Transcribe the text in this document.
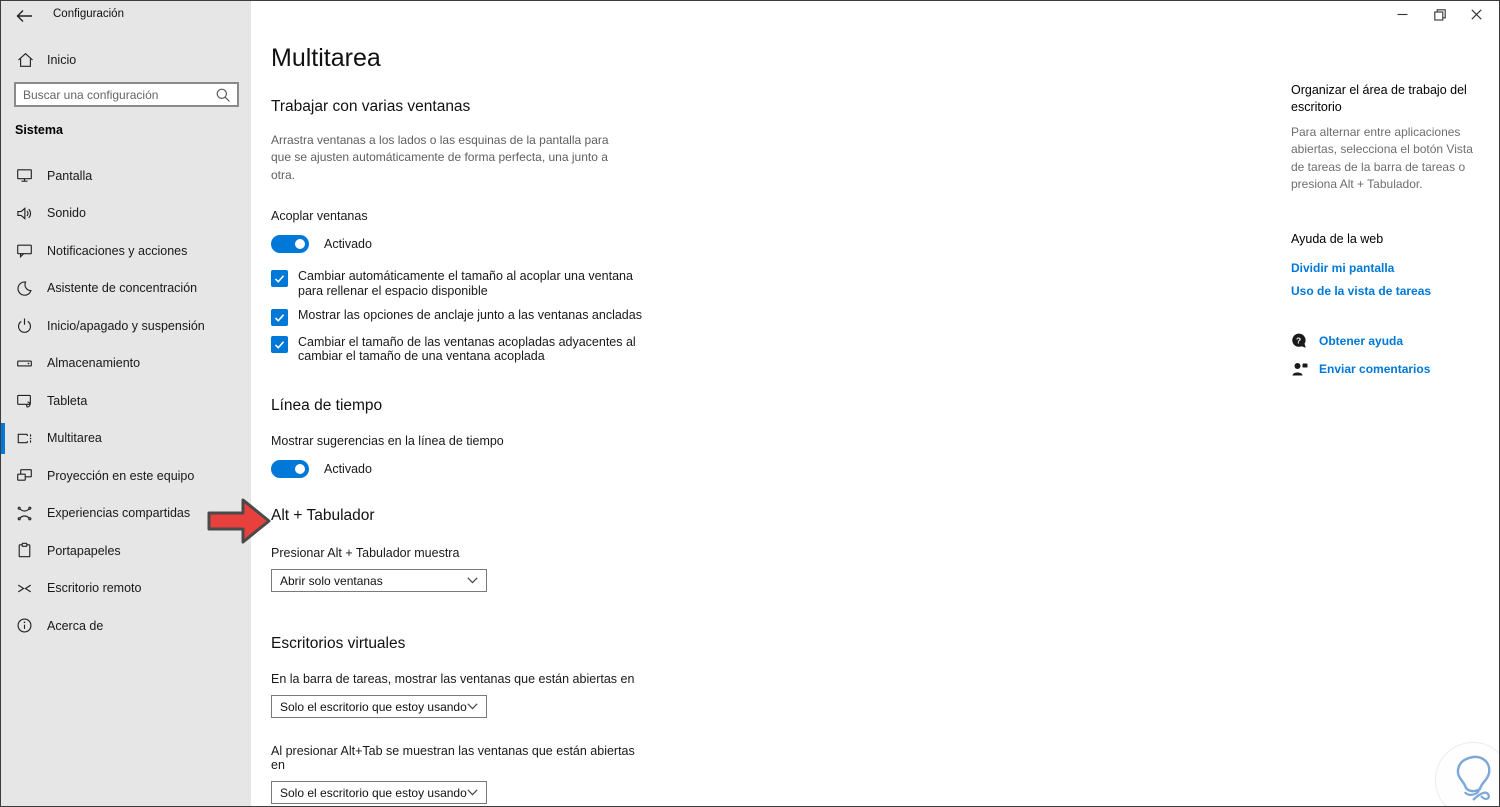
Configuración
Inicio
Buscar una configuración
Sistema
Pantalla
Sonido
Notificaciones y acciones
Asistente de concentración
Inicio/apagado y suspensión
Almacenamiento
Tableta
Multitarea
Proyección en este equipo
Experiencias compartidas
Portapapeles
Escritorio remoto
Acerca de
Multitarea
Trabajar con varias ventanas

Arrastra ventanas a los lados o las esquinas de la pantalla para que se ajusten automáticamente de forma perfecta, una junto a otra.

Acoplar ventanas
Activado
Cambiar automáticamente el tamaño al acoplar una ventana para rellenar el espacio disponible
Mostrar las opciones de anclaje junto a las ventanas ancladas
Cambiar el tamaño de las ventanas acopladas adyacentes al cambiar el tamaño de una ventana acoplada
Línea de tiempo
Mostrar sugerencias en la línea de tiempo
Activado
Alt + Tabulador
Presionar Alt + Tabulador muestra
Abrir solo ventanas
Escritorios virtuales
En la barra de tareas, mostrar las ventanas que están abiertas en
Solo el escritorio que estoy usando
Al presionar Alt+Tab se muestran las ventanas que están abiertas en
Solo el escritorio que estoy usando
Organizar el área de trabajo del escritorio
Para alternar entre aplicaciones abiertas, selecciona el botón Vista de tareas de la barra de tareas o presiona Alt + Tabulador.
Ayuda de la web
Dividir mi pantalla
Uso de la vista de tareas
? Obtener ayuda
Enviar comentarios
